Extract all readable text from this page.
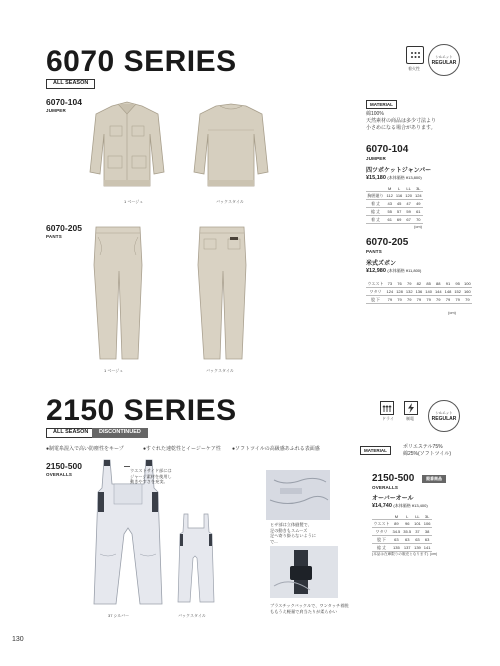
6070 SERIES
ALL SEASON
着火性
シルエット
REGULAR
6070-104
JUMPER
1 ベージュ	バックスタイル
6070-205
PANTS
1 ベージュ	バックスタイル
MATERIAL
綿100%
天然素材の商品は多少寸法より
小さめになる場合があります。
6070-104
JUMPER
四ツポケットジャンパー
¥15,180 (本体価格 ¥13,800)
	M	L	LL	3L
胸囲廻り	112	116	120	124
着 丈	43	45	47	49
総 丈	55	57	59	61
着 丈	61	69	67	70
(cm)
6070-205
PANTS
米式ズボン
¥12,980 (本体価格 ¥11,800)
ウエスト	73	76	79	82	85	88	91	95	100
ワタリ	124	128	132	136	140	144	148	152	160
股 下	79	79	79	79	79	79	79	79	79
(cm)
2150 SERIES
ALL SEASON	DISCONTINUED
ドライ	制電
シルエット
REGULAR
●制電糸混入で高い防塵性をキープ	●すぐれた速乾性とイージーケア性 ●ソフトツイルの高級感あふれる表面感
2150-500
OVERALLS
37 シルバー
ウエストサイド部には
ジャージ素材を使用し
動きやすさを充実。
バックスタイル
ヒザ部は立体縫製で、
足の動きもスムーズ
足へ寄り掛らないように
で...
プラスチックバックルで、ワンタッチ着脱
ももうえ軽量で肩当たりが柔らかい
MATERIAL
ポリエステル75%
綿25%(ソフトツイル)
2150-500	廃番商品
OVERALLS
オーバーオール
¥14,740 (本体価格 ¥13,400)
	M	L	LL	3L
ウエスト	89	96	101	106
ワタリ	34.5	35.5	37	38
股 下	63	63	63	63
総 丈	135	137	139	141
(本品は在庫限りの販売となります) (cm)
130
